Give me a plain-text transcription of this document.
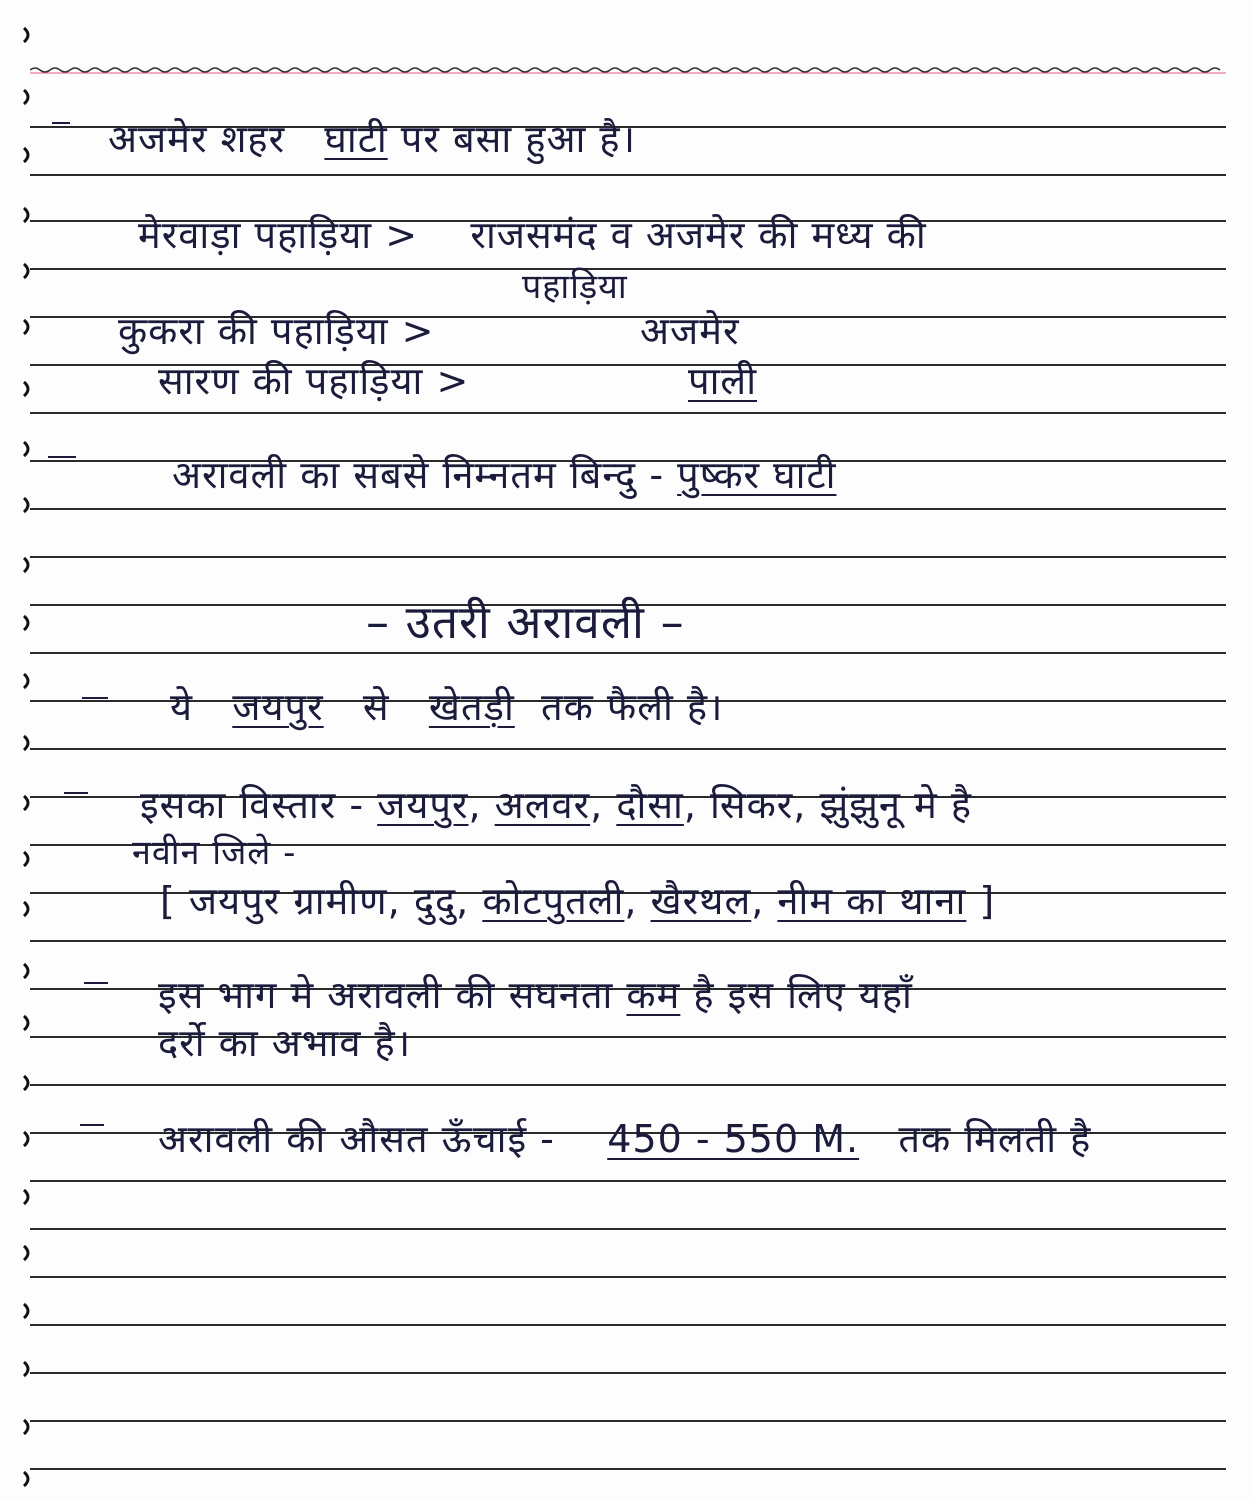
अजमेर शहर घाटी पर बसा हुआ है।
मेरवाड़ा पहाड़िया > राजसमंद व अजमेर की मध्य की
पहाड़िया
कुकरा की पहाड़िया >	अजमेर
सारण की पहाड़िया >	पाली
अरावली का सबसे निम्नतम बिन्दु - पुष्कर घाटी
– उतरी अरावली –
ये जयपुर से खेतड़ी तक फैली है।
इसका विस्तार - जयपुर, अलवर, दौसा, सिकर, झुंझुनू मे है
नवीन जिले -
[ जयपुर ग्रामीण, दुदु, कोटपुतली, खैरथल, नीम का थाना ]
इस भाग मे अरावली की सघनता कम है इस लिए यहाँ
दर्रो का अभाव है।
अरावली की औसत ऊँचाई - 450 - 550 M. तक मिलती है
